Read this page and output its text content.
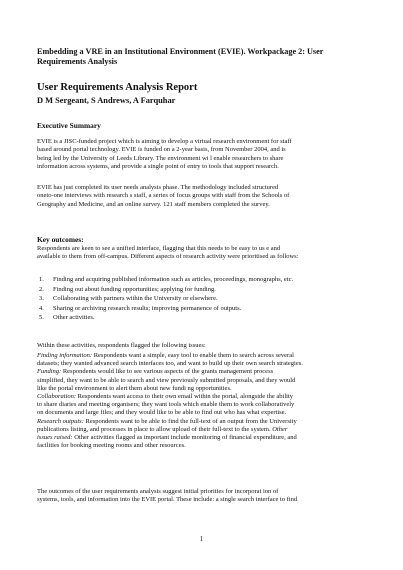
Embedding a VRE in an Institutional Environment (EVIE). Workpackage 2: User
Requirements Analysis
User Requirements Analysis Report
D M Sergeant, S Andrews, A Farquhar
Executive Summary
EVIE is a JISC-funded project which is aiming to develop a virtual research environment for staff
based around portal technology. EVIE is funded on a 2-year basis, from November 2004, and is
being led by the University of Leeds Library. The environment wi l enable researchers to share
information across systems, and provide a single point of entry to tools that support research.
EVIE has just completed its user needs analysis phase. The methodology included structured
oneto-one interviews with research s staff, a series of focus groups with staff from the Schools of
Geography and Medicine, and an online survey. 121 staff members completed the survey.
Key outcomes:
Respondents are keen to see a unified interface, flagging that this needs to be easy to us e and
available to them from off-campus. Different aspects of research activity were prioritised as follows:
1. Finding and acquiring published information such as articles, proceedings, monographs, etc.
2. Finding out about funding opportunities; applying for funding.
3. Collaborating with partners within the University or elsewhere.
4. Sharing or archiving research results; improving permanence of outputs.
5. Other activities.
Within these activities, respondents flagged the following issues:
Finding information: Respondents want a simple, easy tool to enable them to search across several
datasets; they wanted advanced search interfaces too, and want to build up their own search strategies.
Funding: Respondents would like to see various aspects of the grants management process
simplified, they want to be able to search and view previously submitted proposals, and they would
like the portal environment to alert them about new fundi ng opportunities.
Collaboration: Respondents want access to their own email within the portal, alongside the ability
to share diaries and meeting organisers; they want tools which enable them to work collaboratively
on documents and large files; and they would like to be able to find out who has what expertise.
Research outputs: Respondents want to be able to find the full-text of an output from the University
publications listing, and processes in place to allow upload of their full-text to the system. Other
issues raised: Other activities flagged as important include monitoring of financial expenditure, and
facilities for booking meeting rooms and other resources.
The outcomes of the user requirements analysis suggest initial priorities for incorporat ion of
systems, tools, and information into the EVIE portal. These include: a single search interface to find
1
